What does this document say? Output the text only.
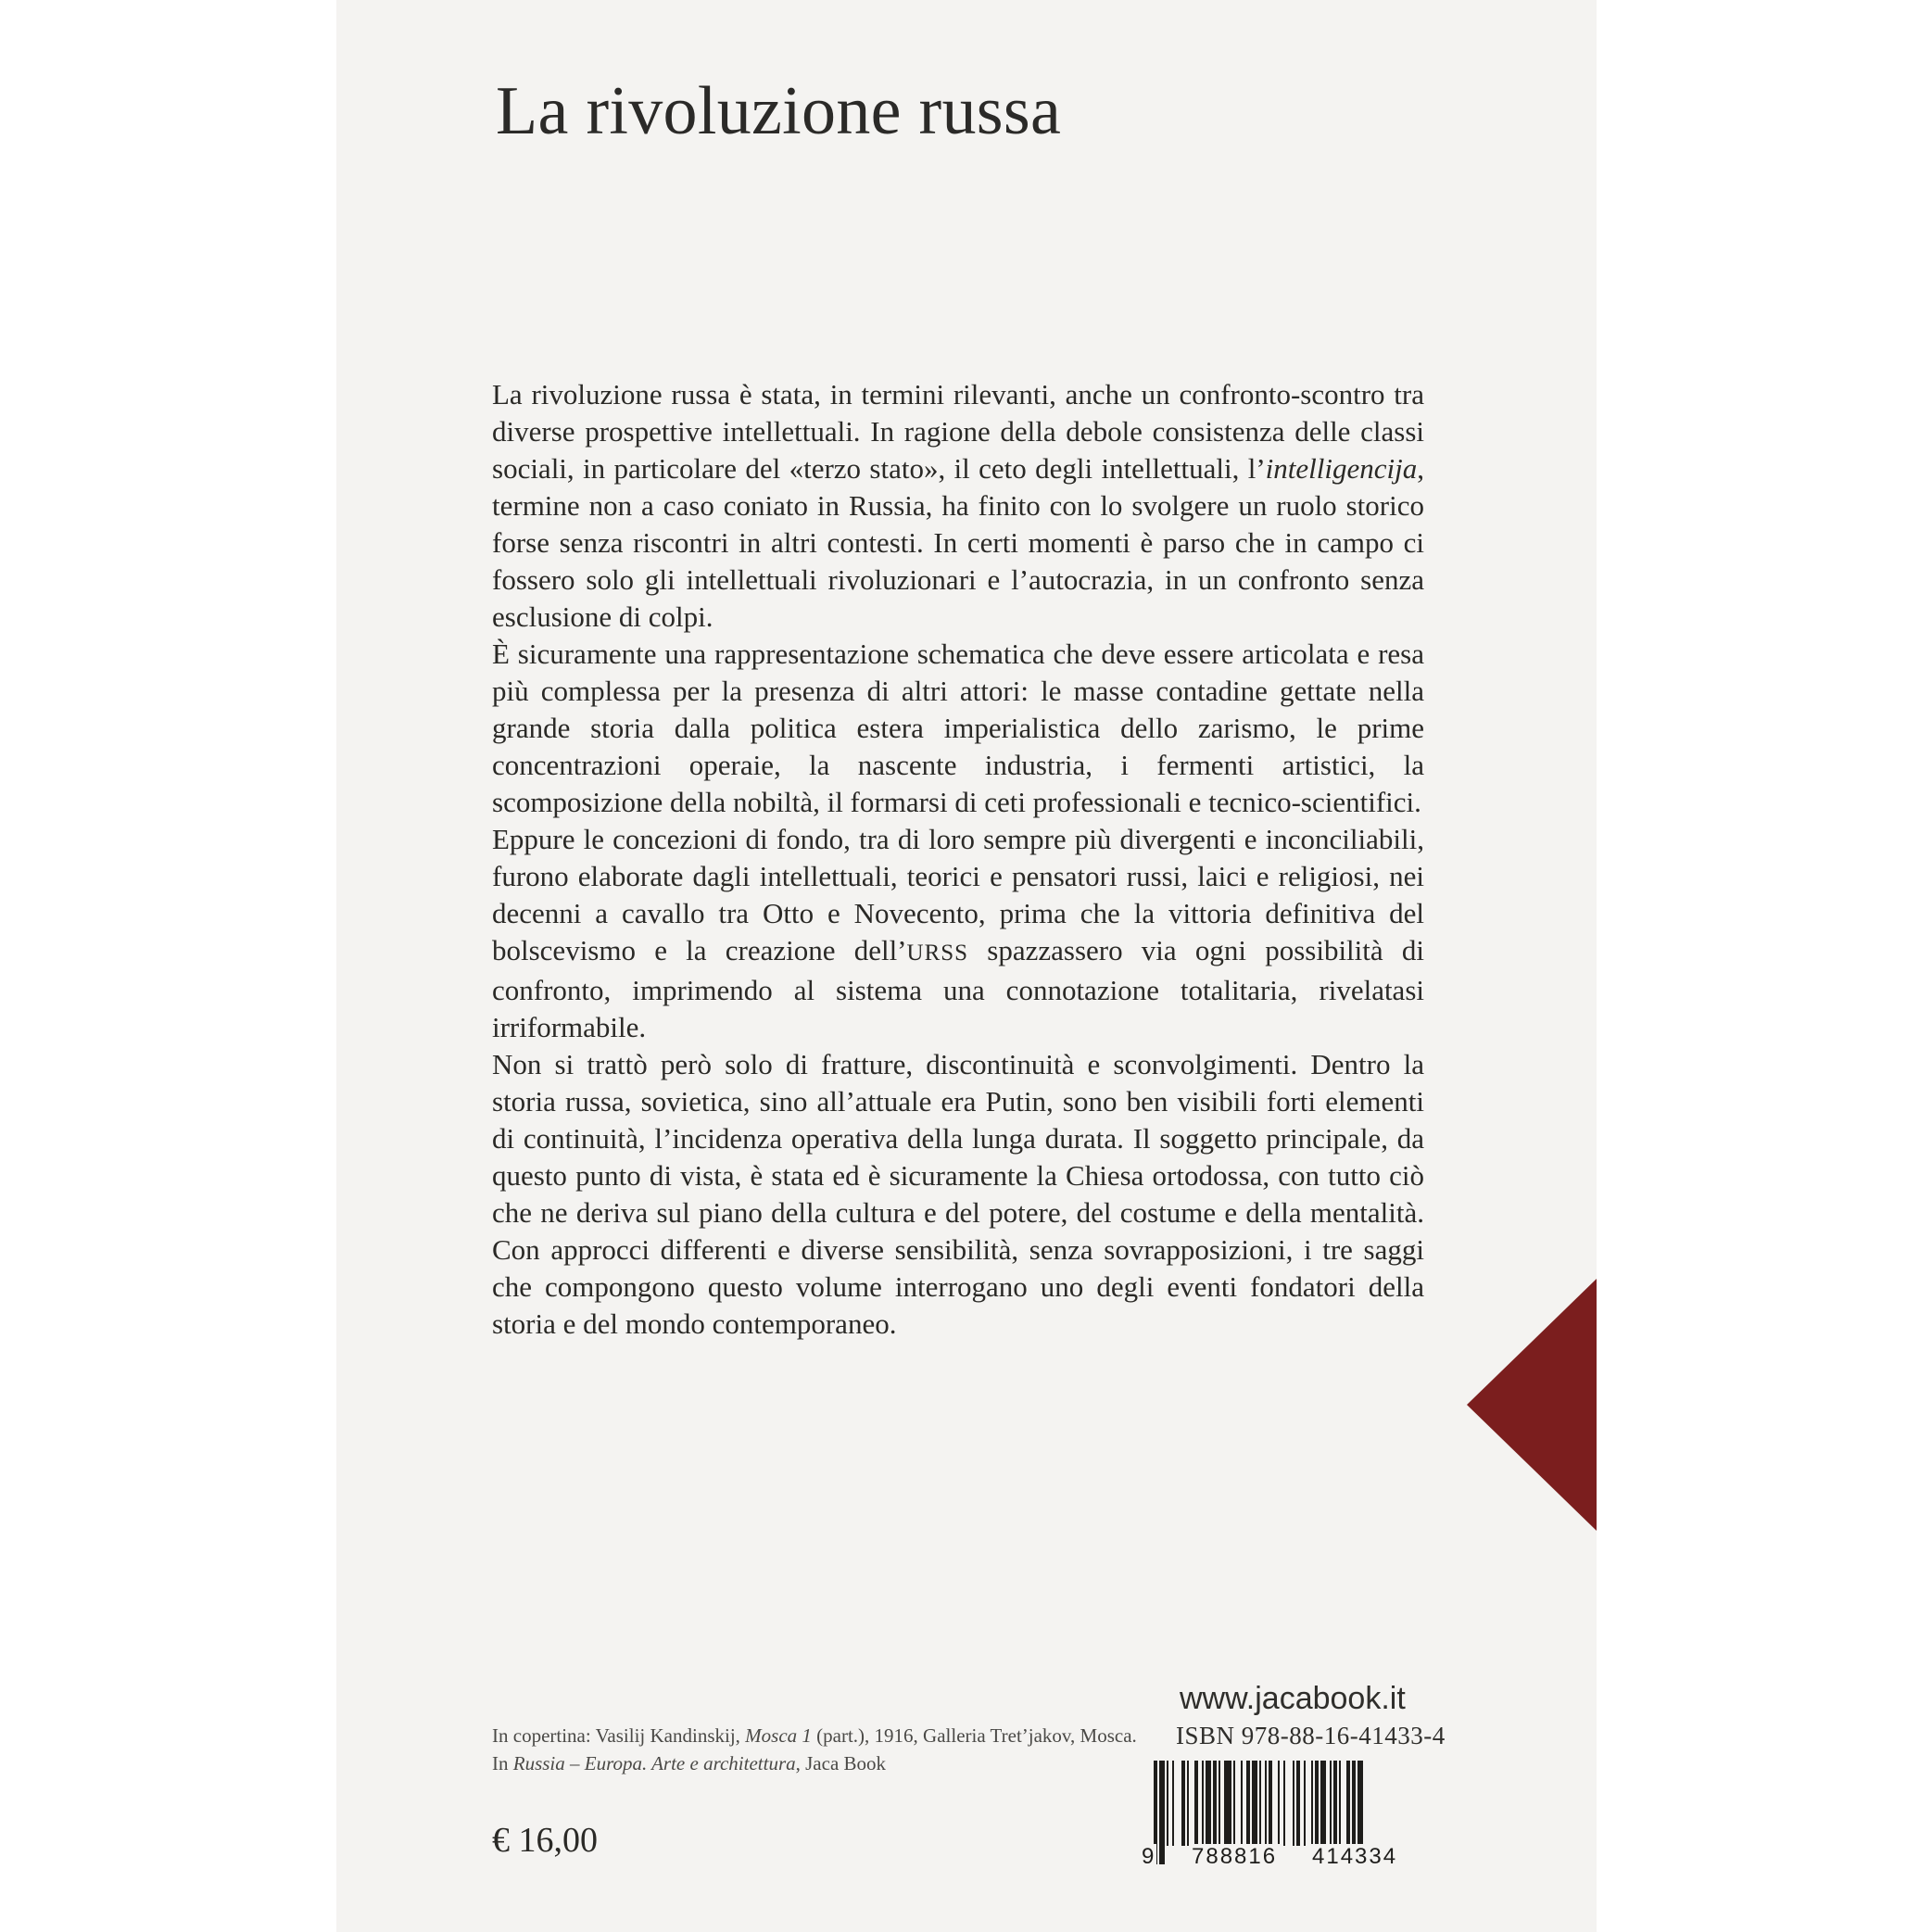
La rivoluzione russa

La rivoluzione russa è stata, in termini rilevanti, anche un confronto-scontro tra diverse prospettive intellettuali. In ragione della debole consistenza delle classi sociali, in particolare del «terzo stato», il ceto degli intellettuali, l’intelligencija, termine non a caso coniato in Russia, ha finito con lo svolgere un ruolo storico forse senza riscontri in altri contesti. In certi momenti è parso che in campo ci fossero solo gli intellettuali rivoluzionari e l’autocrazia, in un confronto senza esclusione di colpi.

È sicuramente una rappresentazione schematica che deve essere articolata e resa più complessa per la presenza di altri attori: le masse contadine gettate nella grande storia dalla politica estera imperialistica dello zarismo, le prime concentrazioni operaie, la nascente industria, i fermenti artistici, la scomposizione della nobiltà, il formarsi di ceti professionali e tecnico-scientifici.

Eppure le concezioni di fondo, tra di loro sempre più divergenti e inconciliabili, furono elaborate dagli intellettuali, teorici e pensatori russi, laici e religiosi, nei decenni a cavallo tra Otto e Novecento, prima che la vittoria definitiva del bolscevismo e la creazione dell’URSS spazzassero via ogni possibilità di confronto, imprimendo al sistema una connotazione totalitaria, rivelatasi irriformabile.

Non si trattò però solo di fratture, discontinuità e sconvolgimenti. Dentro la storia russa, sovietica, sino all’attuale era Putin, sono ben visibili forti elementi di continuità, l’incidenza operativa della lunga durata. Il soggetto principale, da questo punto di vista, è stata ed è sicuramente la Chiesa ortodossa, con tutto ciò che ne deriva sul piano della cultura e del potere, del costume e della mentalità. Con approcci differenti e diverse sensibilità, senza sovrapposizioni, i tre saggi che compongono questo volume interrogano uno degli eventi fondatori della storia e del mondo contemporaneo.

In copertina: Vasilij Kandinskij, Mosca 1 (part.), 1916, Galleria Tret’jakov, Mosca. In Russia – Europa. Arte e architettura, Jaca Book

€ 16,00
www.jacabook.it
ISBN 978-88-16-41433-4
9 788816 414334
